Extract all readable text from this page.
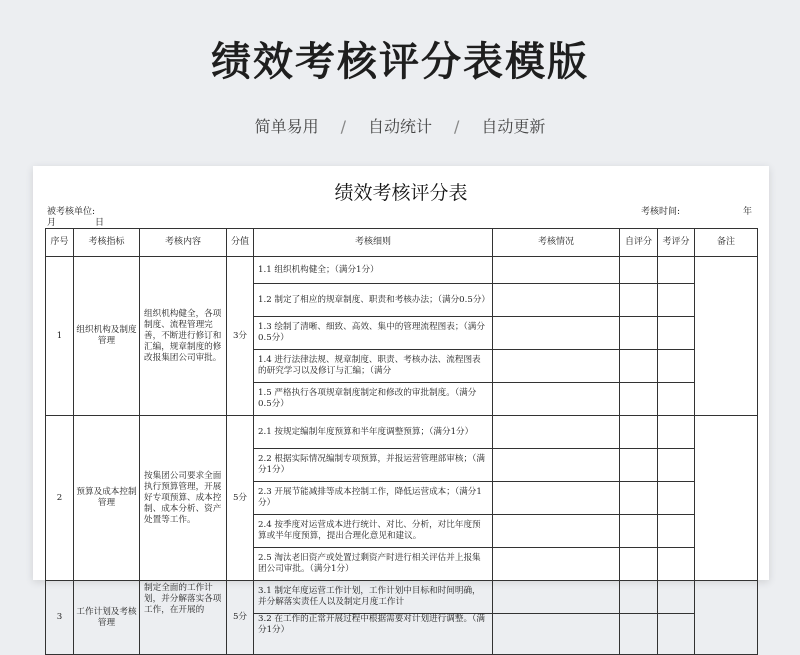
绩效考核评分表模版
简单易用 / 自动统计 / 自动更新
绩效考核评分表
被考核单位:
月	日
考核时间:	年
序号	考核指标	考核内容	分值	考核细则	考核情况	自评分	考评分	备注
1	组织机构及制度管理	组织机构健全，各项制度、流程管理完善，不断进行修订和汇编，规章制度的修改报集团公司审批。	3分	1.1 组织机构健全；（满分1分）				
				1.2 制定了相应的规章制度、职责和考核办法；（满分0.5分）				
				1.3 绘制了清晰、细致、高效、集中的管理流程图表；（满分0.5分）				
				1.4 进行法律法规、规章制度、职责、考核办法、流程图表的研究学习以及修订与汇编；（满分				
				1.5 严格执行各项规章制度制定和修改的审批制度。（满分0.5分）				
2	预算及成本控制管理	按集团公司要求全面执行预算管理，开展好专项预算、成本控制、成本分析、资产处置等工作。	5分	2.1 按规定编制年度预算和半年度调整预算；（满分1分）				
				2.2 根据实际情况编制专项预算，并报运营管理部审核；（满分1分）				
				2.3 开展节能减排等成本控制工作，降低运营成本；（满分1分）				
				2.4 按季度对运营成本进行统计、对比、分析，对比年度预算或半年度预算，提出合理化意见和建议。				
				2.5 淘汰老旧资产或处置过剩资产时进行相关评估并上报集团公司审批。（满分1分）				
3	工作计划及考核管理	制定全面的工作计划，并分解落实各项工作，在开展的	5分	3.1 制定年度运营工作计划，工作计划中目标和时间明确，并分解落实责任人以及制定月度工作计				
				3.2 在工作的正常开展过程中根据需要对计划进行调整。（满分1分）				
